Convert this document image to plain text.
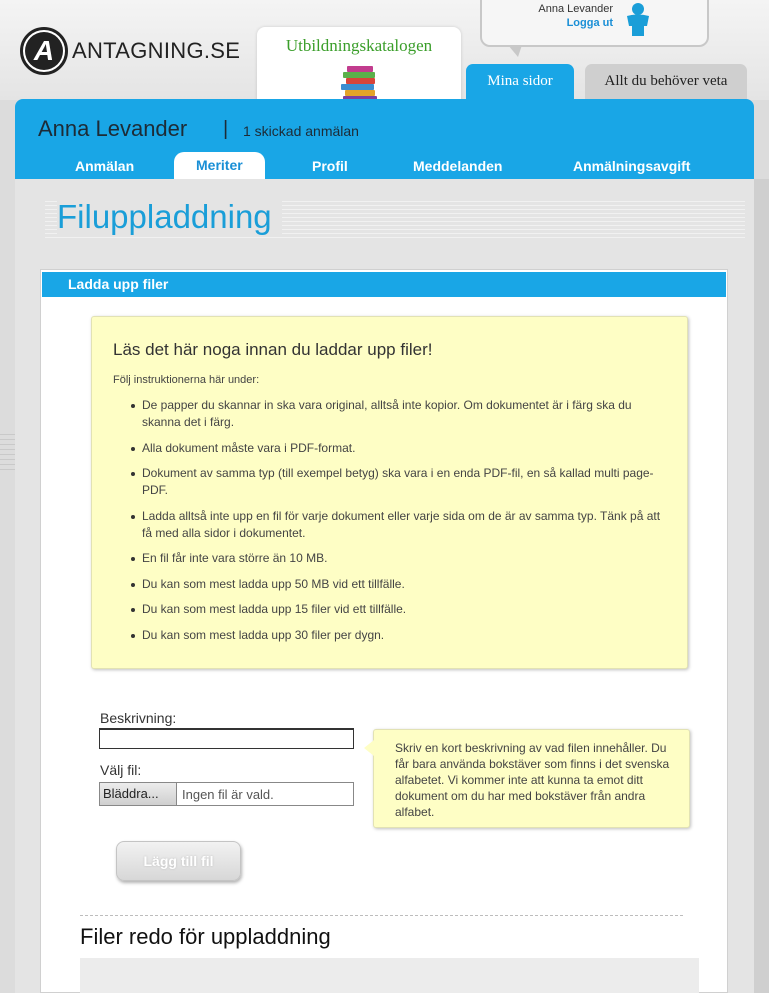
A ANTAGNING.SE	Utbildningskatalogen
Anna Levander
Logga ut
Mina sidor	Allt du behöver veta
Anna Levander | 1 skickad anmälan
Anmälan	Meriter	Profil	Meddelanden	Anmälningsavgift
Filuppladdning
Ladda upp filer
Läs det här noga innan du laddar upp filer!
Följ instruktionerna här under:
De papper du skannar in ska vara original, alltså inte kopior. Om dokumentet är i färg ska du skanna det i färg.
Alla dokument måste vara i PDF-format.
Dokument av samma typ (till exempel betyg) ska vara i en enda PDF-fil, en så kallad multi page-PDF.
Ladda alltså inte upp en fil för varje dokument eller varje sida om de är av samma typ. Tänk på att få med alla sidor i dokumentet.
En fil får inte vara större än 10 MB.
Du kan som mest ladda upp 50 MB vid ett tillfälle.
Du kan som mest ladda upp 15 filer vid ett tillfälle.
Du kan som mest ladda upp 30 filer per dygn.
Beskrivning:
Välj fil:
Bläddra...	Ingen fil är vald.
Skriv en kort beskrivning av vad filen innehåller. Du får bara använda bokstäver som finns i det svenska alfabetet. Vi kommer inte att kunna ta emot ditt dokument om du har med bokstäver från andra alfabet.
Lägg till fil
Filer redo för uppladdning
